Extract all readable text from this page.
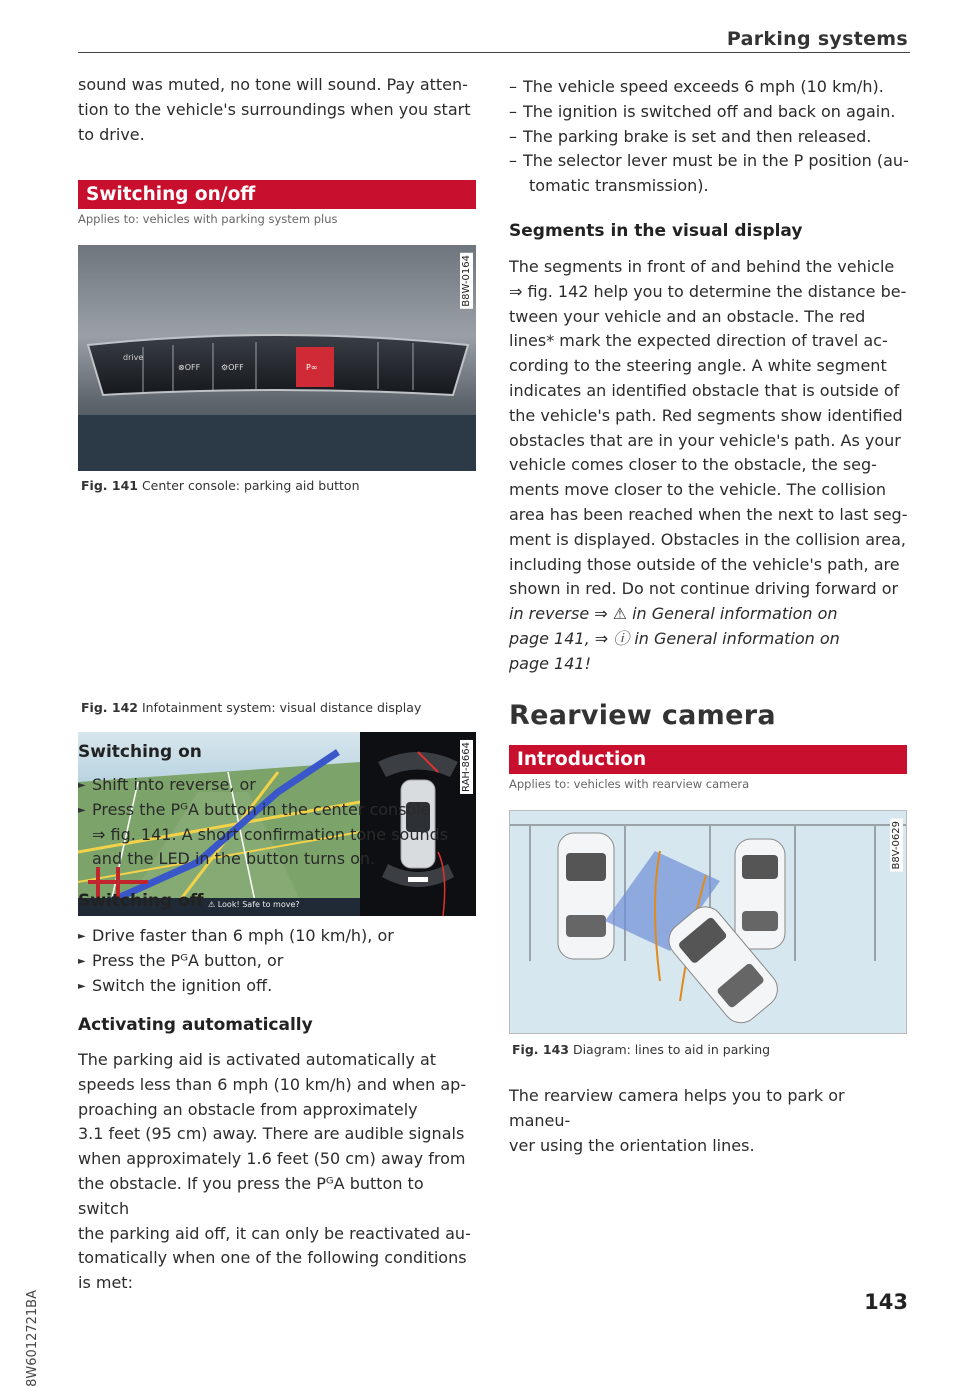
Parking systems
sound was muted, no tone will sound. Pay atten-
tion to the vehicle's surroundings when you start
to drive.
Switching on/off
Applies to: vehicles with parking system plus
drive
⊗OFF	⚙OFF	P∞
B8W-0164
Fig. 141 Center console: parking aid button
⚠ Look! Safe to move?
RAH-8664
Fig. 142 Infotainment system: visual distance display
Switching on
► Shift into reverse, or
► Press the PᴳA button in the center console
⇒ fig. 141. A short confirmation tone sounds
and the LED in the button turns on.
Switching off
► Drive faster than 6 mph (10 km/h), or
► Press the PᴳA button, or
► Switch the ignition off.
Activating automatically
The parking aid is activated automatically at
speeds less than 6 mph (10 km/h) and when ap-
proaching an obstacle from approximately
3.1 feet (95 cm) away. There are audible signals
when approximately 1.6 feet (50 cm) away from
the obstacle. If you press the PᴳA button to switch
the parking aid off, it can only be reactivated au-
tomatically when one of the following conditions
is met:
– The vehicle speed exceeds 6 mph (10 km/h).
– The ignition is switched off and back on again.
– The parking brake is set and then released.
– The selector lever must be in the P position (au-
tomatic transmission).
Segments in the visual display
The segments in front of and behind the vehicle
⇒ fig. 142 help you to determine the distance be-
tween your vehicle and an obstacle. The red
lines* mark the expected direction of travel ac-
cording to the steering angle. A white segment
indicates an identified obstacle that is outside of
the vehicle's path. Red segments show identified
obstacles that are in your vehicle's path. As your
vehicle comes closer to the obstacle, the seg-
ments move closer to the vehicle. The collision
area has been reached when the next to last seg-
ment is displayed. Obstacles in the collision area,
including those outside of the vehicle's path, are
shown in red. Do not continue driving forward or
in reverse ⇒ ⚠ in General information on
page 141, ⇒ ⓘ in General information on
page 141!
Rearview camera
Introduction
Applies to: vehicles with rearview camera
B8V-0629
Fig. 143 Diagram: lines to aid in parking
The rearview camera helps you to park or maneu-
ver using the orientation lines.
143
8W6012721BA
